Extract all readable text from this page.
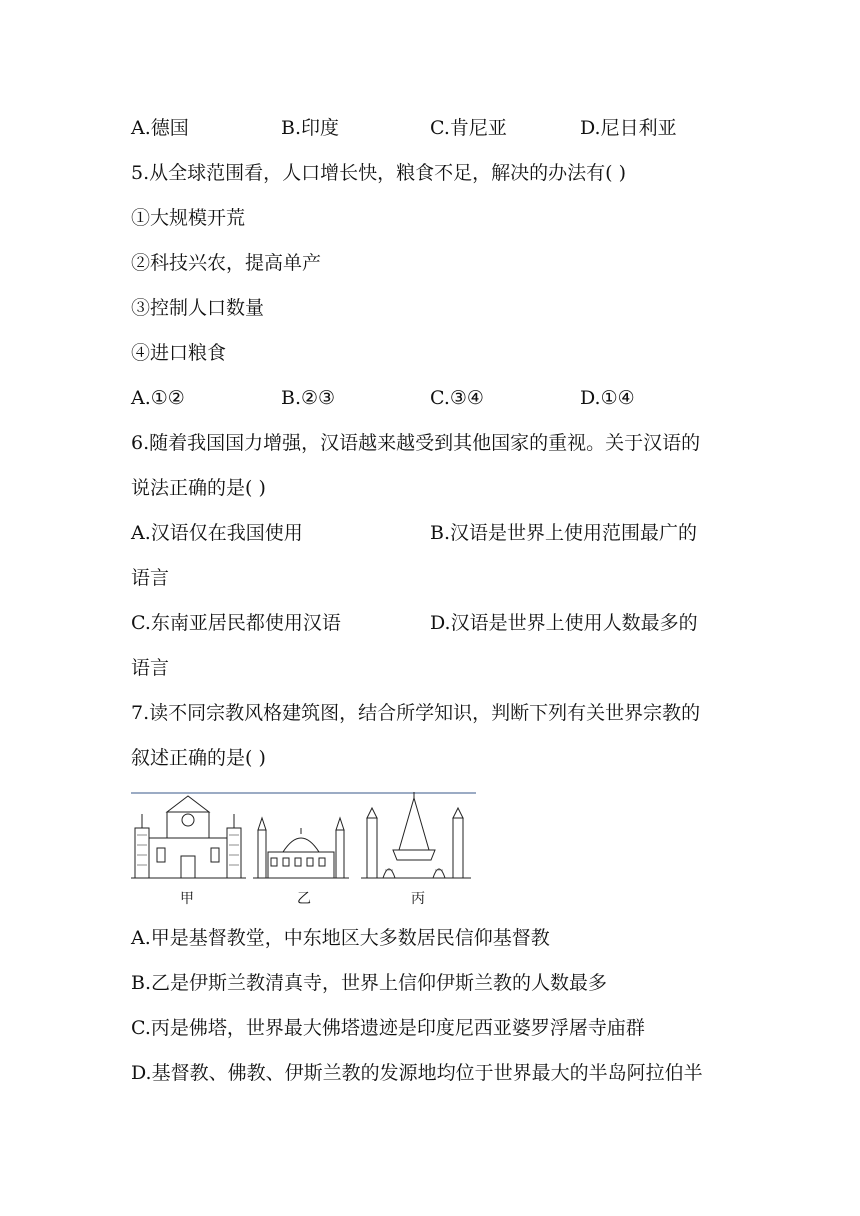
A.德国	B.印度	C.肯尼亚	D.尼日利亚
5.从全球范围看，人口增长快，粮食不足，解决的办法有( )
①大规模开荒
②科技兴农，提高单产
③控制人口数量
④进口粮食
A.①②	B.②③	C.③④	D.①④
6.随着我国国力增强，汉语越来越受到其他国家的重视。关于汉语的
说法正确的是( )
A.汉语仅在我国使用	B.汉语是世界上使用范围最广的
语言
C.东南亚居民都使用汉语	D.汉语是世界上使用人数最多的
语言
7.读不同宗教风格建筑图，结合所学知识，判断下列有关世界宗教的
叙述正确的是( )
甲	乙	丙
A.甲是基督教堂，中东地区大多数居民信仰基督教
B.乙是伊斯兰教清真寺，世界上信仰伊斯兰教的人数最多
C.丙是佛塔，世界最大佛塔遗迹是印度尼西亚婆罗浮屠寺庙群
D.基督教、佛教、伊斯兰教的发源地均位于世界最大的半岛阿拉伯半
